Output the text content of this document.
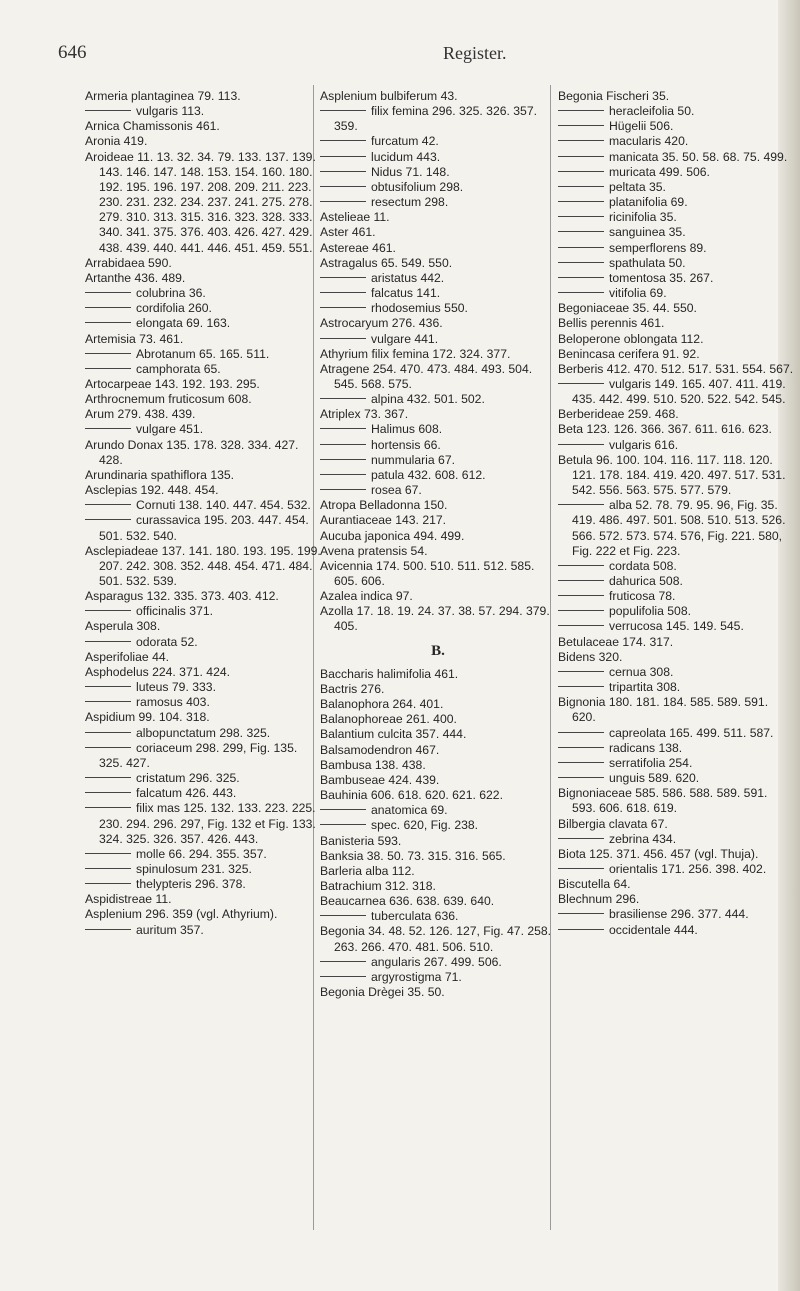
646	Register.
Armeria plantaginea 79. 113.
vulgaris 113.
Arnica Chamissonis 461.
Aronia 419.
Aroideae 11. 13. 32. 34. 79. 133. 137. 139. 143. 146. 147. 148. 153. 154. 160. 180. 192. 195. 196. 197. 208. 209. 211. 223. 230. 231. 232. 234. 237. 241. 275. 278. 279. 310. 313. 315. 316. 323. 328. 333. 340. 341. 375. 376. 403. 426. 427. 429. 438. 439. 440. 441. 446. 451. 459. 551.
Arrabidaea 590.
Artanthe 436. 489.
colubrina 36.
cordifolia 260.
elongata 69. 163.
Artemisia 73. 461.
Abrotanum 65. 165. 511.
camphorata 65.
Artocarpeae 143. 192. 193. 295.
Arthrocnemum fruticosum 608.
Arum 279. 438. 439.
vulgare 451.
Arundo Donax 135. 178. 328. 334. 427. 428.
Arundinaria spathiflora 135.
Asclepias 192. 448. 454.
Cornuti 138. 140. 447. 454. 532.
curassavica 195. 203. 447. 454. 501. 532. 540.
Asclepiadeae 137. 141. 180. 193. 195. 199. 207. 242. 308. 352. 448. 454. 471. 484. 501. 532. 539.
Asparagus 132. 335. 373. 403. 412.
officinalis 371.
Asperula 308.
odorata 52.
Asperifoliae 44.
Asphodelus 224. 371. 424.
luteus 79. 333.
ramosus 403.
Aspidium 99. 104. 318.
albopunctatum 298. 325.
coriaceum 298. 299, Fig. 135. 325. 427.
cristatum 296. 325.
falcatum 426. 443.
filix mas 125. 132. 133. 223. 225. 230. 294. 296. 297, Fig. 132 et Fig. 133. 324. 325. 326. 357. 426. 443.
molle 66. 294. 355. 357.
spinulosum 231. 325.
thelypteris 296. 378.
Aspidistreae 11.
Asplenium 296. 359 (vgl. Athyrium).
auritum 357.
Asplenium bulbiferum 43.
filix femina 296. 325. 326. 357. 359.
furcatum 42.
lucidum 443.
Nidus 71. 148.
obtusifolium 298.
resectum 298.
Astelieae 11.
Aster 461.
Astereae 461.
Astragalus 65. 549. 550.
aristatus 442.
falcatus 141.
rhodosemius 550.
Astrocaryum 276. 436.
vulgare 441.
Athyrium filix femina 172. 324. 377.
Atragene 254. 470. 473. 484. 493. 504. 545. 568. 575.
alpina 432. 501. 502.
Atriplex 73. 367.
Halimus 608.
hortensis 66.
nummularia 67.
patula 432. 608. 612.
rosea 67.
Atropa Belladonna 150.
Aurantiaceae 143. 217.
Aucuba japonica 494. 499.
Avena pratensis 54.
Avicennia 174. 500. 510. 511. 512. 585. 605. 606.
Azalea indica 97.
Azolla 17. 18. 19. 24. 37. 38. 57. 294. 379. 405.
B.
Baccharis halimifolia 461.
Bactris 276.
Balanophora 264. 401.
Balanophoreae 261. 400.
Balantium culcita 357. 444.
Balsamodendron 467.
Bambusa 138. 438.
Bambuseae 424. 439.
Bauhinia 606. 618. 620. 621. 622.
anatomica 69.
spec. 620, Fig. 238.
Banisteria 593.
Banksia 38. 50. 73. 315. 316. 565.
Barleria alba 112.
Batrachium 312. 318.
Beaucarnea 636. 638. 639. 640.
tuberculata 636.
Begonia 34. 48. 52. 126. 127, Fig. 47. 258. 263. 266. 470. 481. 506. 510.
angularis 267. 499. 506.
argyrostigma 71.
Begonia Drègei 35. 50.
Begonia Fischeri 35.
heracleifolia 50.
Hügelii 506.
macularis 420.
manicata 35. 50. 58. 68. 75. 499.
muricata 499. 506.
peltata 35.
platanifolia 69.
ricinifolia 35.
sanguinea 35.
semperflorens 89.
spathulata 50.
tomentosa 35. 267.
vitifolia 69.
Begoniaceae 35. 44. 550.
Bellis perennis 461.
Beloperone oblongata 112.
Benincasa cerifera 91. 92.
Berberis 412. 470. 512. 517. 531. 554. 567.
vulgaris 149. 165. 407. 411. 419. 435. 442. 499. 510. 520. 522. 542. 545.
Berberideae 259. 468.
Beta 123. 126. 366. 367. 611. 616. 623.
vulgaris 616.
Betula 96. 100. 104. 116. 117. 118. 120. 121. 178. 184. 419. 420. 497. 517. 531. 542. 556. 563. 575. 577. 579.
alba 52. 78. 79. 95. 96, Fig. 35. 419. 486. 497. 501. 508. 510. 513. 526. 566. 572. 573. 574. 576, Fig. 221. 580, Fig. 222 et Fig. 223.
cordata 508.
dahurica 508.
fruticosa 78.
populifolia 508.
verrucosa 145. 149. 545.
Betulaceae 174. 317.
Bidens 320.
cernua 308.
tripartita 308.
Bignonia 180. 181. 184. 585. 589. 591. 620.
capreolata 165. 499. 511. 587.
radicans 138.
serratifolia 254.
unguis 589. 620.
Bignoniaceae 585. 586. 588. 589. 591. 593. 606. 618. 619.
Bilbergia clavata 67.
zebrina 434.
Biota 125. 371. 456. 457 (vgl. Thuja).
orientalis 171. 256. 398. 402.
Biscutella 64.
Blechnum 296.
brasiliense 296. 377. 444.
occidentale 444.
